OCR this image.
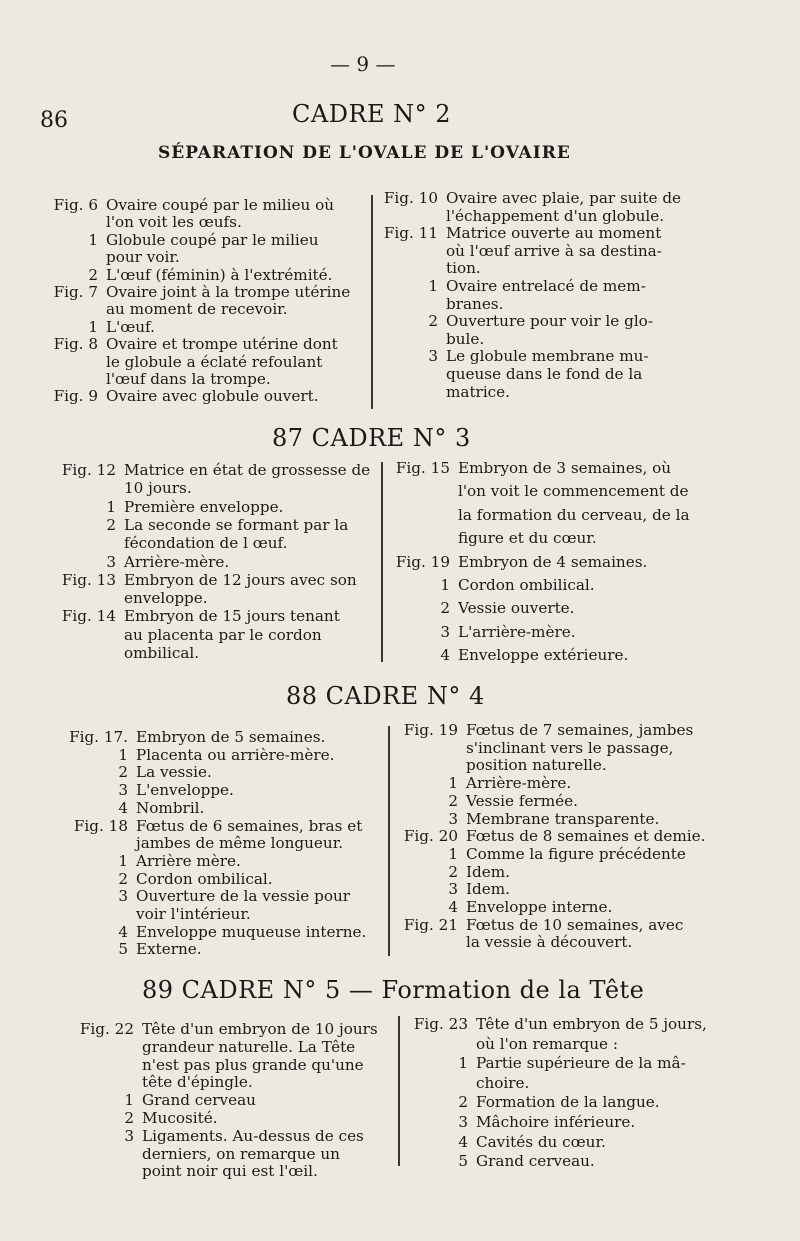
— 9 —
86	CADRE N° 2
SÉPARATION DE L'OVALE DE L'OVAIRE
87 CADRE N° 3
88 CADRE N° 4
89 CADRE N° 5 — Formation de la Tête
Fig. 6 Ovaire coupé par le milieu où
l'on voit les œufs.
1 Globule coupé par le milieu
pour voir.
2 L'œuf (féminin) à l'extrémité.
Fig. 7 Ovaire joint à la trompe utérine
au moment de recevoir.
1 L'œuf.
Fig. 8 Ovaire et trompe utérine dont
le globule a éclaté refoulant
l'œuf dans la trompe.
Fig. 9 Ovaire avec globule ouvert.
Fig. 10 Ovaire avec plaie, par suite de
l'échappement d'un globule.
Fig. 11 Matrice ouverte au moment
où l'œuf arrive à sa destina-
tion.
1 Ovaire entrelacé de mem-
branes.
2 Ouverture pour voir le glo-
bule.
3 Le globule membrane mu-
queuse dans le fond de la
matrice.
Fig. 12 Matrice en état de grossesse de
10 jours.
1 Première enveloppe.
2 La seconde se formant par la
fécondation de l œuf.
3 Arrière-mère.
Fig. 13 Embryon de 12 jours avec son
enveloppe.
Fig. 14 Embryon de 15 jours tenant
au placenta par le cordon
ombilical.
Fig. 15 Embryon de 3 semaines, où
l'on voit le commencement de
la formation du cerveau, de la
figure et du cœur.
Fig. 19 Embryon de 4 semaines.
1 Cordon ombilical.
2 Vessie ouverte.
3 L'arrière-mère.
4 Enveloppe extérieure.
Fig. 17. Embryon de 5 semaines.
1 Placenta ou arrière-mère.
2 La vessie.
3 L'enveloppe.
4 Nombril.
Fig. 18 Fœtus de 6 semaines, bras et
jambes de même longueur.
1 Arrière mère.
2 Cordon ombilical.
3 Ouverture de la vessie pour
voir l'intérieur.
4 Enveloppe muqueuse interne.
5 Externe.
Fig. 19 Fœtus de 7 semaines, jambes
s'inclinant vers le passage,
position naturelle.
1 Arrière-mère.
2 Vessie fermée.
3 Membrane transparente.
Fig. 20 Fœtus de 8 semaines et demie.
1 Comme la figure précédente
2 Idem.
3 Idem.
4 Enveloppe interne.
Fig. 21 Fœtus de 10 semaines, avec
la vessie à découvert.
Fig. 22 Tête d'un embryon de 10 jours
grandeur naturelle. La Tête
n'est pas plus grande qu'une
tête d'épingle.
1 Grand cerveau
2 Mucosité.
3 Ligaments. Au-dessus de ces
derniers, on remarque un
point noir qui est l'œil.
Fig. 23 Tête d'un embryon de 5 jours,
où l'on remarque :
1 Partie supérieure de la mâ-
choire.
2 Formation de la langue.
3 Mâchoire inférieure.
4 Cavités du cœur.
5 Grand cerveau.
